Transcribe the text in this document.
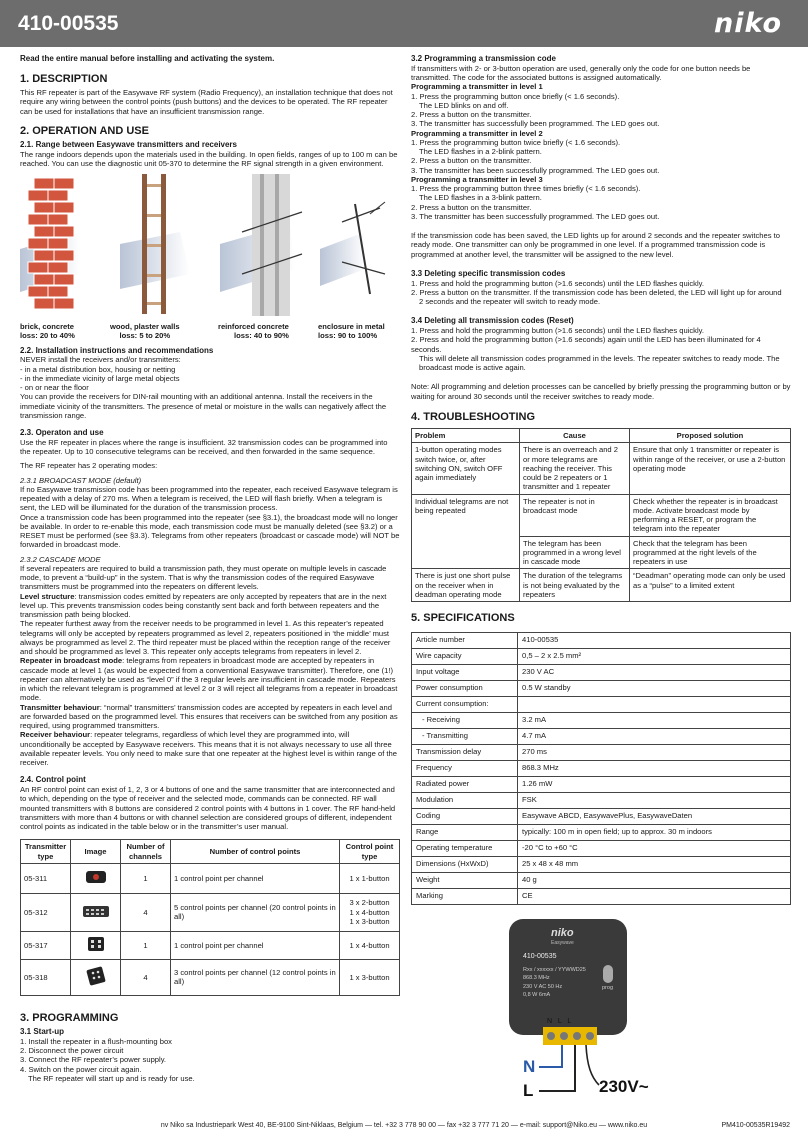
410-00535	niko

Read the entire manual before installing and activating the system.

1. DESCRIPTION

This RF repeater is part of the Easywave RF system (Radio Frequency), an installation technique that does not require any wiring between the control points (push buttons) and the devices to be operated. The RF repeater can be used for installations that have an insufficient transmission range.

2. OPERATION AND USE
2.1. Range between Easywave transmitters and receivers

The range indoors depends upon the materials used in the building. In open fields, ranges of up to 100 m can be reached. You can use the diagnostic unit 05-370 to determine the RF signal strength in a given environment.

brick, concrete
loss: 20 to 40%
wood, plaster walls
loss: 5 to 20%
reinforced concrete
loss: 40 to 90%
enclosure in metal
loss: 90 to 100%
2.2. Installation instructions and recommendations

NEVER install the receivers and/or transmitters:

- in a metal distribution box, housing or netting

- in the immediate vicinity of large metal objects

- on or near the floor

You can provide the receivers for DIN-rail mounting with an additional antenna. Install the receivers in the immediate vicinity of the transmitters. The presence of metal or moisture in the walls can negatively affect the transmission range.

2.3. Operaton and use

Use the RF repeater in places where the range is insufficient. 32 transmission codes can be programmed into the repeater. Up to 10 consecutive telegrams can be received, and then forwarded in the same sequence.

The RF repeater has 2 operating modes:

2.3.1 BROADCAST MODE (default)

If no Easywave transmission code has been programmed into the repeater, each received Easywave telegram is repeated with a delay of 270 ms. When a telegram is received, the LED will flash briefly. When a telegram is sent, the LED will be illuminated for the duration of the transmission process.

Once a transmission code has been programmed into the repeater (see §3.1), the broadcast mode will no longer be available. In order to re-enable this mode, each transmission code must be manually deleted (see §3.2) or a RESET must be performed (see §3.3). Telegrams from other repeaters (broadcast or cascade mode) will NOT be forwarded in broadcast mode.

2.3.2 CASCADE MODE

If several repeaters are required to build a transmission path, they must operate on multiple levels in cascade mode, to prevent a “build-up” in the system. That is why the transmission codes of the required Easywave transmitters must be programmed into the repeaters on different levels.

Level structure: transmission codes emitted by repeaters are only accepted by repeaters that are in the next level up. This prevents transmission codes being constantly sent back and forth between repeaters and the transmission path being blocked.

The repeater furthest away from the receiver needs to be programmed in level 1. As this repeater’s repeated telegrams will only be accepted by repeaters programmed as level 2, repeaters positioned in ‘the middle’ must always be programmed as level 2. The third repeater must be placed within the reception range of the receiver and should be programmed as level 3. This repeater only accepts telegrams from repeaters in level 2.

Repeater in broadcast mode: telegrams from repeaters in broadcast mode are accepted by repeaters in cascade mode at level 1 (as would be expected from a conventional Easywave transmitter). Therefore, one (1!) repeater can alternatively be used as “level 0” if the 3 regular levels are insufficient in cascade mode. Repeaters in which the relevant telegram is programmed at level 2 or 3 will reject all telegrams from a repeater in broadcast mode.

Transmitter behaviour: “normal” transmitters’ transmission codes are accepted by repeaters in each level and are forwarded based on the programmed level. This ensures that receivers can be switched from any position as required, using programmed transmitters.

Receiver behaviour: repeater telegrams, regardless of which level they are programmed into, will unconditionally be accepted by Easywave receivers. This means that it is not always necessary to use all three available repeater levels. You only need to make sure that one repeater at the highest level is within range of the receiver.

2.4. Control point

An RF control point can exist of 1, 2, 3 or 4 buttons of one and the same transmitter that are interconnected and to which, depending on the type of receiver and the selected mode, commands can be connected. RF wall mounted transmitters with 8 buttons are considered 2 control points with 4 buttons in 1 cover. The RF hand-held transmitters with more than 4 buttons or with channel selection are considered groups of different, independent control points as indicated in the table below or in the transmitter’s user manual.

Transmitter type	Image	Number of channels	Number of control points	Control point type
05-311		1	1 control point per channel	1 x 1-button
05-312		4	5 control points per channel (20 control points in all)	3 x 2-button
1 x 4-button
1 x 3-button

05-317		1	1 control point per channel	1 x 4-button
05-318		4	3 control points per channel (12 control points in all)	1 x 3-button
3. PROGRAMMING
3.1 Start-up

1. Install the repeater in a flush-mounting box

2. Disconnect the power circuit

3. Connect the RF repeater’s power supply.

4. Switch on the power circuit again.

The RF repeater will start up and is ready for use.

3.2 Programming a transmission code

If transmitters with 2- or 3-button operation are used, generally only the code for one button needs be transmitted. The code for the associated buttons is assigned automatically.

Programming a transmitter in level 1

1. Press the programming button once briefly (< 1.6 seconds).

The LED blinks on and off.

2. Press a button on the transmitter.

3. The transmitter has successfully been programmed. The LED goes out.

Programming a transmitter in level 2

1. Press the programming button twice briefly (< 1.6 seconds).

The LED flashes in a 2-blink pattern.

2. Press a button on the transmitter.

3. The transmitter has been successfully programmed. The LED goes out.

Programming a transmitter in level 3

1. Press the programming button three times briefly (< 1.6 seconds).

The LED flashes in a 3-blink pattern.

2. Press a button on the transmitter.

3. The transmitter has been successfully programmed. The LED goes out.

If the transmission code has been saved, the LED lights up for around 2 seconds and the repeater switches to ready mode. One transmitter can only be programmed in one level. If a programmed transmission code is programmed at another level, the transmitter will be assigned to the new level.

3.3 Deleting specific transmission codes

1. Press and hold the programming button (>1.6 seconds) until the LED flashes quickly.

2. Press a button on the transmitter. If the transmission code has been deleted, the LED will light up for around

2 seconds and the repeater will switch to ready mode.

3.4 Deleting all transmission codes (Reset)

1. Press and hold the programming button (>1.6 seconds) until the LED flashes quickly.

2. Press and hold the programming button (>1.6 seconds) again until the LED has been illuminated for 4 seconds.

This will delete all transmission codes programmed in the levels. The repeater switches to ready mode. The broadcast mode is active again.

Note: All programming and deletion processes can be cancelled by briefly pressing the programming button or by waiting for around 30 seconds until the receiver switches to ready mode.

4. TROUBLESHOOTING
Problem	Cause	Proposed solution
1-button operating modes switch twice, or, after switching ON, switch OFF again immediately	There is an overreach and 2 or more telegrams are reaching the receiver. This could be 2 repeaters or 1 transmitter and 1 repeater	Ensure that only 1 transmitter or repeater is within range of the receiver, or use a 2-button operating mode
Individual telegrams are not being repeated	The repeater is not in broadcast mode	Check whether the repeater is in broadcast mode. Activate broadcast mode by performing a RESET, or program the telegram into the repeater
	The telegram has been programmed in a wrong level in cascade mode	Check that the telegram has been programmed at the right levels of the repeaters in use
There is just one short pulse on the receiver when in deadman operating mode	The duration of the telegrams is not being evaluated by the repeaters	“Deadman” operating mode can only be used as a “pulse” to a limited extent
5. SPECIFICATIONS
Article number	410-00535
Wire capacity	0,5 – 2 x 2.5 mm²
Input voltage	230 V AC
Power consumption	0.5 W standby
Current consumption:	
- Receiving	3.2 mA
- Transmitting	4.7 mA
Transmission delay	270 ms
Frequency	868.3 MHz
Radiated power	1.26 mW
Modulation	FSK
Coding	Easywave ABCD, EasywavePlus, EasywaveDaten
Range	typically: 100 m in open field; up to approx. 30 m indoors
Operating temperature	-20 °C to +60 °C
Dimensions (HxWxD)	25 x 48 x 48 mm
Weight	40 g
Marking	CE
niko
Easywave
410-00535
Rxx / xxxxxx / YYWWD25
868.3 MHz
230 V AC 50 Hz
0,8 W 6mA
prog
N   L   L
N
L	230V~
nv Niko sa Industriepark West 40, BE-9100 Sint-Niklaas, Belgium — tel. +32 3 778 90 00 — fax +32 3 777 71 20 — e-mail: support@Niko.eu — www.niko.eu	PM410-00535R19492
